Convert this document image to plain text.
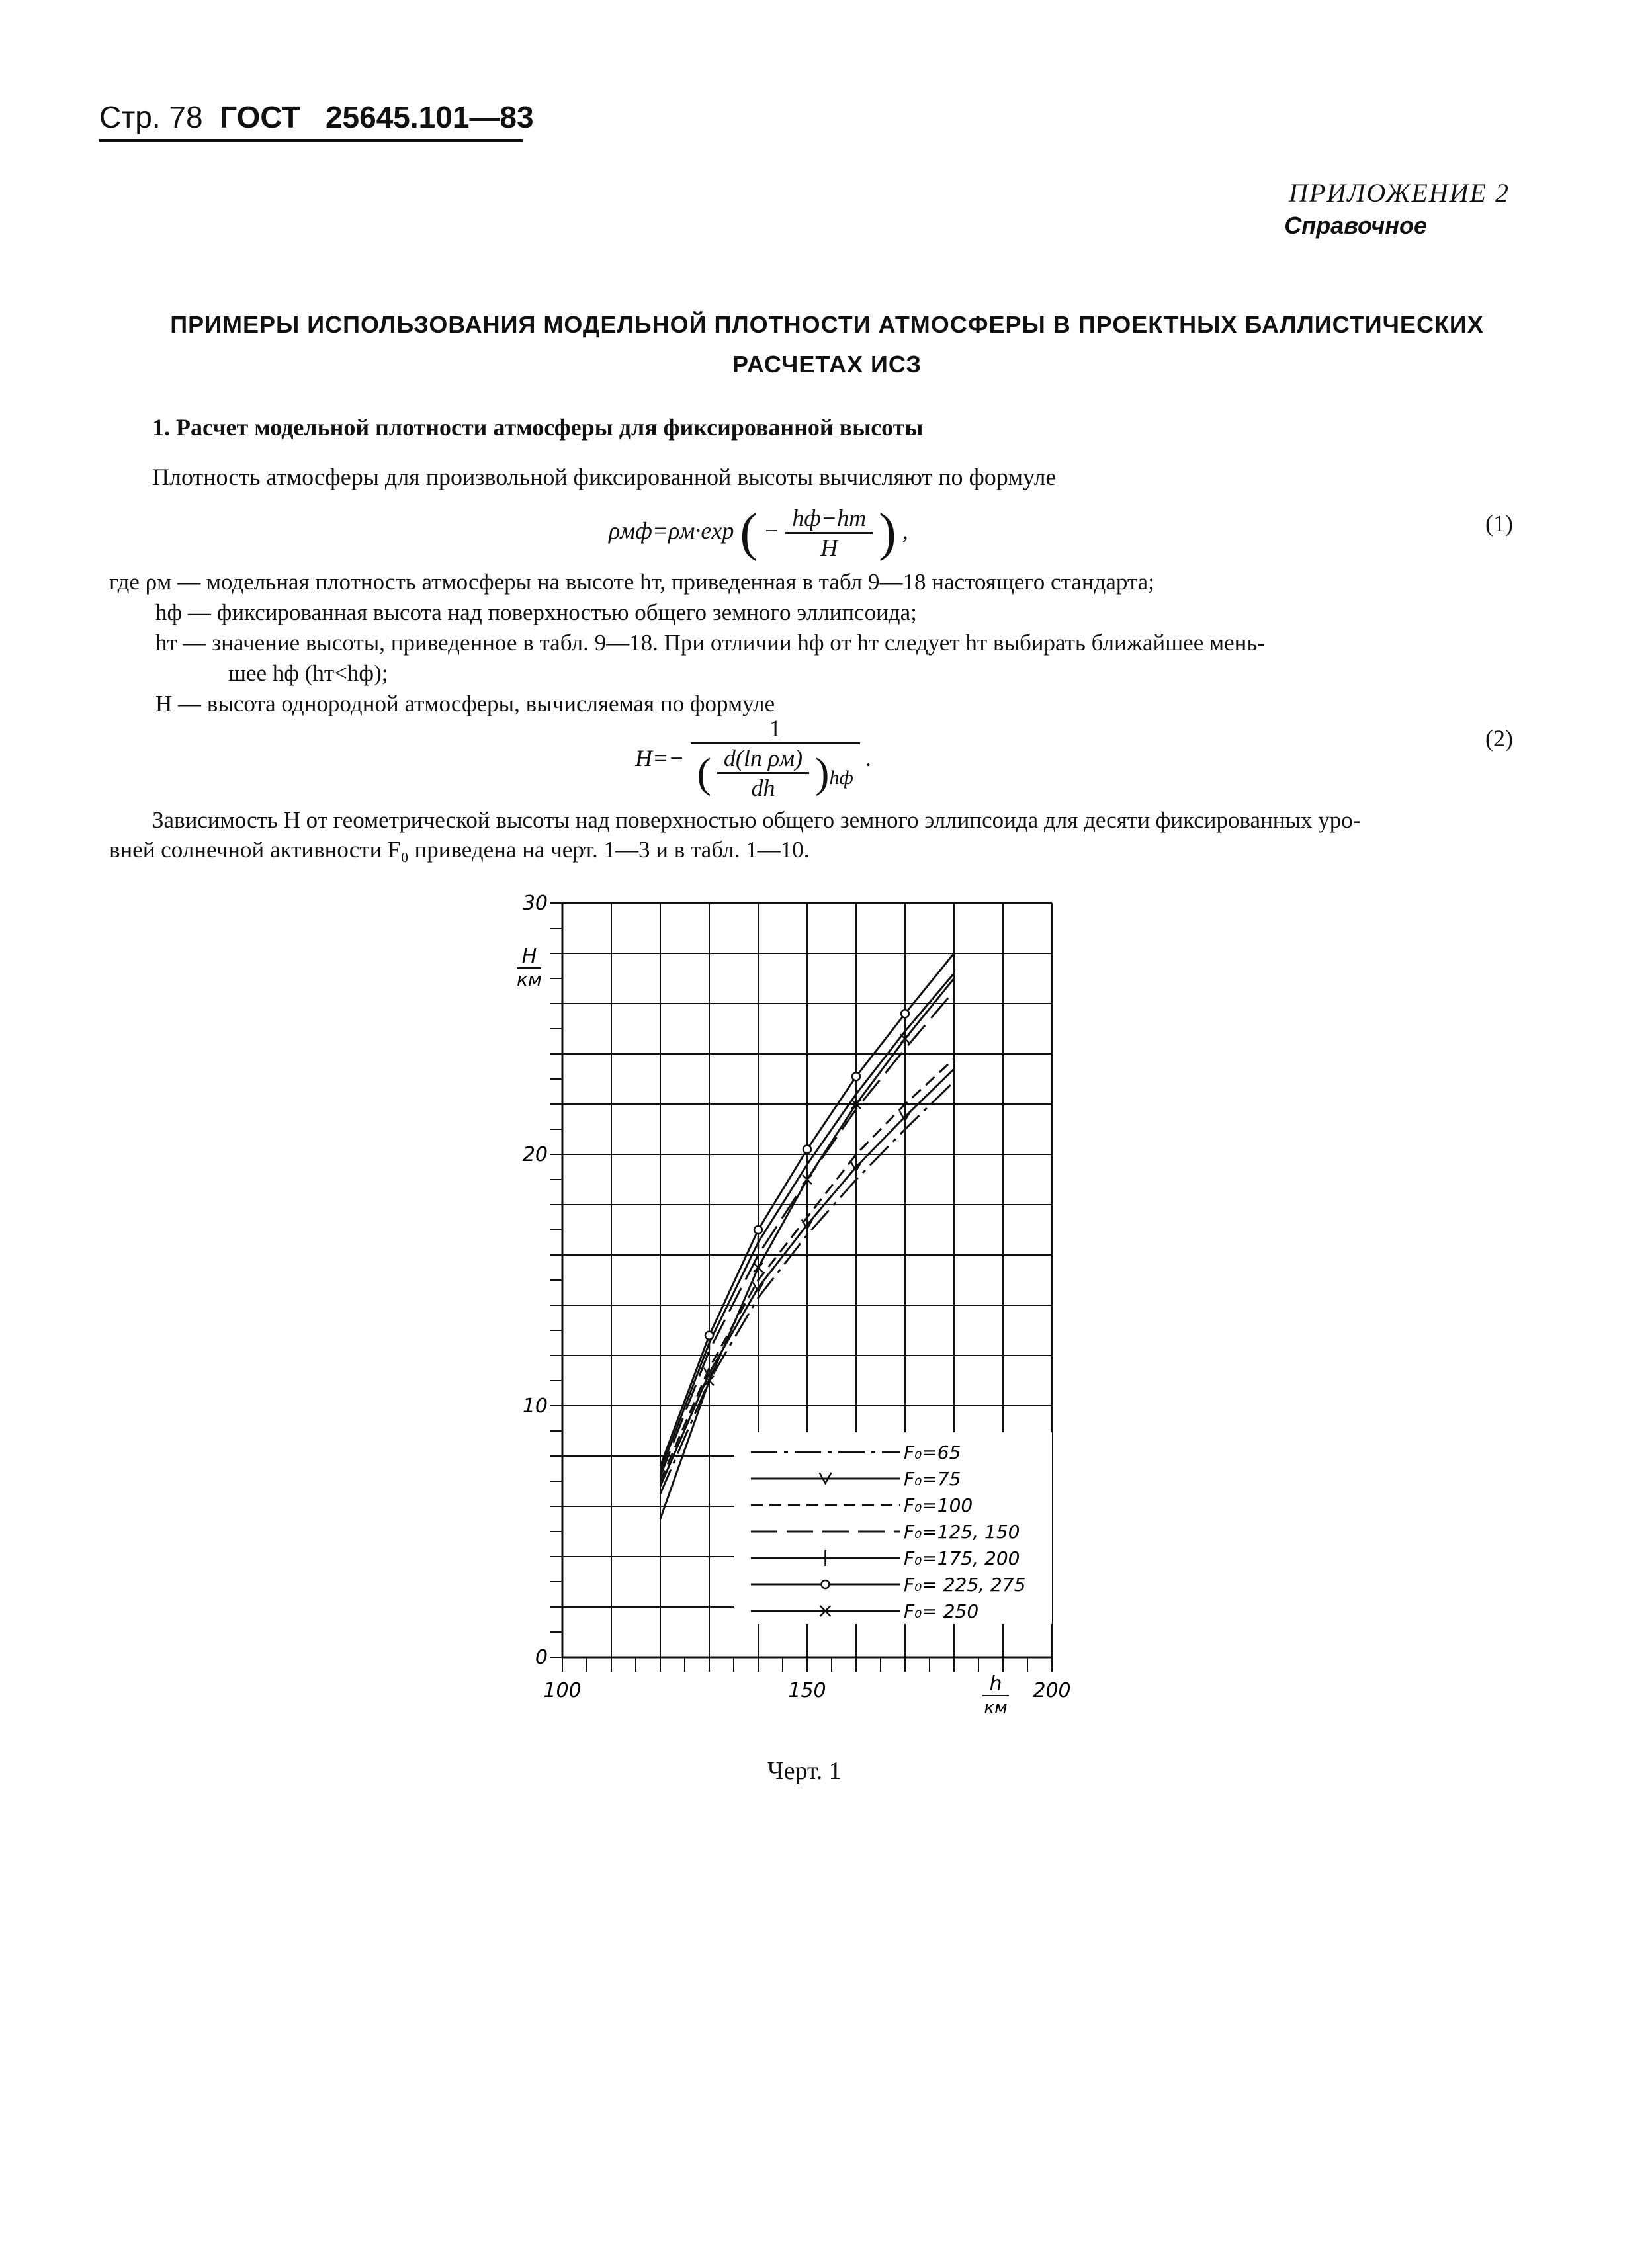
Стр. 78 ГОСТ 25645.101—83
ПРИЛОЖЕНИЕ 2
Справочное
ПРИМЕРЫ ИСПОЛЬЗОВАНИЯ МОДЕЛЬНОЙ ПЛОТНОСТИ АТМОСФЕРЫ В ПРОЕКТНЫХ БАЛЛИСТИЧЕСКИХ
РАСЧЕТАХ ИСЗ
1. Расчет модельной плотности атмосферы для фиксированной высоты
Плотность атмосферы для произвольной фиксированной высоты вычисляют по формуле
ρмф=ρм·exp ( − $\frac{hф-hт}{H}$ ) ,	(1)
где ρм — модельная плотность атмосферы на высоте hт, приведенная в табл 9—18 настоящего стандарта;
hф — фиксированная высота над поверхностью общего земного эллипсоида;
hт — значение высоты, приведенное в табл. 9—18. При отличии hф от hт следует hт выбирать ближайшее мень-
шее hф (hт<hф);
H — высота однородной атмосферы, вычисляемая по формуле
$H=- \frac{1}{( \frac{\text{d(ln ρм)}}{dh} )_{hф}}$ .
(2)
Зависимость H от геометрической высоты над поверхностью общего земного эллипсоида для десяти фиксированных уро-
вней солнечной активности F₀ приведена на черт. 1—3 и в табл. 1—10.
100	150	200
0
10
20
30
H
км
h
км
F₀=65
F₀=75
F₀=100
F₀=125, 150
F₀=175, 200
F₀= 225, 275
F₀= 250
Черт. 1
